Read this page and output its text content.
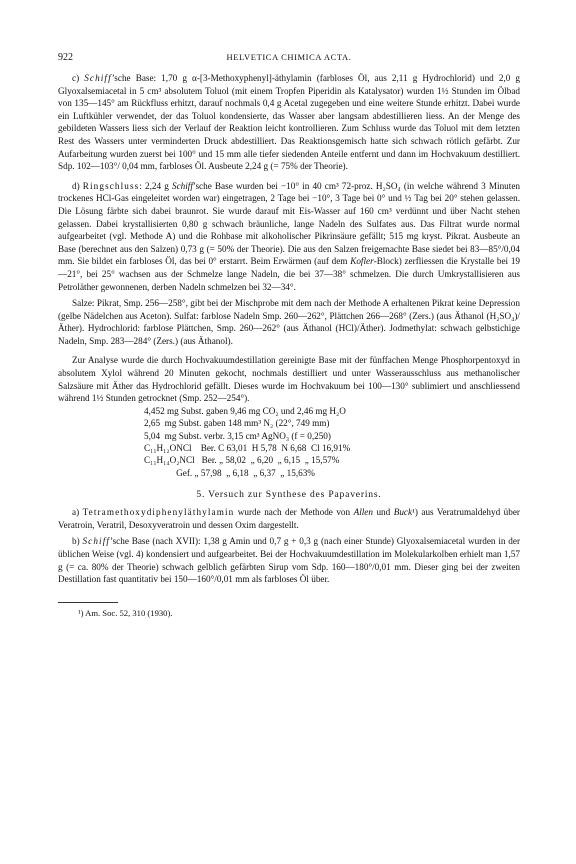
922	HELVETICA CHIMICA ACTA.

c) Schiff’sche Base: 1,70 g α-[3-Methoxyphenyl]-äthylamin (farbloses Öl, aus 2,11 g Hydrochlorid) und 2,0 g Glyoxalsemiacetal in 5 cm³ absolutem Toluol (mit einem Tropfen Piperidin als Katalysator) wurden 1½ Stunden im Ölbad von 135—145° am Rückfluss erhitzt, darauf nochmals 0,4 g Acetal zugegeben und eine weitere Stunde erhitzt. Dabei wurde ein Luftkühler verwendet, der das Toluol kondensierte, das Wasser aber langsam abdestillieren liess. An der Menge des gebildeten Wassers liess sich der Verlauf der Reaktion leicht kontrollieren. Zum Schluss wurde das Toluol mit dem letzten Rest des Wassers unter verminderten Druck abdestilliert. Das Reaktionsgemisch hatte sich schwach rötlich gefärbt. Zur Aufarbeitung wurden zuerst bei 100° und 15 mm alle tiefer siedenden Anteile entfernt und dann im Hochvakuum destilliert. Sdp. 102—103°/ 0,04 mm, farbloses Öl. Ausbeute 2,24 g (= 75% der Theorie).

d) Ringschluss: 2,24 g Schiff’sche Base wurden bei −10° in 40 cm³ 72-proz. H₂SO₄ (in welche während 3 Minuten trockenes HCl-Gas eingeleitet worden war) eingetragen, 2 Tage bei −10°, 3 Tage bei 0° und ½ Tag bei 20° stehen gelassen. Die Lösung färbte sich dabei braunrot. Sie wurde darauf mit Eis-Wasser auf 160 cm³ verdünnt und über Nacht stehen gelassen. Dabei krystallisierten 0,80 g schwach bräunliche, lange Nadeln des Sulfates aus. Das Filtrat wurde normal aufgearbeitet (vgl. Methode A) und die Rohbase mit alkoholischer Pikrinsäure gefällt; 515 mg kryst. Pikrat. Ausbeute an Base (berechnet aus den Salzen) 0,73 g (= 50% der Theorie). Die aus den Salzen freigemachte Base siedet bei 83—85°/0,04 mm. Sie bildet ein farbloses Öl, das bei 0° erstarrt. Beim Erwärmen (auf dem Kofler-Block) zerfliessen die Krystalle bei 19—21°, bei 25° wachsen aus der Schmelze lange Nadeln, die bei 37—38° schmelzen. Die durch Umkrystallisieren aus Petroläther gewonnenen, derben Nadeln schmelzen bei 32—34°.

Salze: Pikrat, Smp. 256—258°, gibt bei der Mischprobe mit dem nach der Methode A erhaltenen Pikrat keine Depression (gelbe Nädelchen aus Aceton). Sulfat: farblose Nadeln Smp. 260—262°, Plättchen 266—268° (Zers.) (aus Äthanol (H₂SO₄)/Äther). Hydrochlorid: farblose Plättchen, Smp. 260—262° (aus Äthanol (HCl)/Äther). Jodmethylat: schwach gelbstichige Nadeln, Smp. 283—284° (Zers.) (aus Äthanol).

Zur Analyse wurde die durch Hochvakuumdestillation gereinigte Base mit der fünffachen Menge Phosphorpentoxyd in absolutem Xylol während 20 Minuten gekocht, nochmals destilliert und unter Wasserausschluss aus methanolischer Salzsäure mit Äther das Hydrochlorid gefällt. Dieses wurde im Hochvakuum bei 100—130° sublimiert und anschliessend während 1½ Stunden getrocknet (Smp. 252—254°).

4,452 mg Subst. gaben 9,46 mg CO₂ und 2,46 mg H₂O
2,65  mg Subst. gaben 148 mm³ N₂ (22°, 749 mm)
5,04  mg Subst. verbr. 3,15 cm³ AgNO₃ (f = 0,250)
C₁₁H₁₂ONCl    Ber. C 63,01  H 5,78  N 6,68  Cl 16,91%
C₁₁H₁₄O₂NCl   Ber. „ 58,02  „ 6,20  „ 6,15  „ 15,57%
Gef. „ 57,98  „ 6,18  „ 6,37  „ 15,63%
5. Versuch zur Synthese des Papaverins.

a) Tetramethoxydiphenyläthylamin wurde nach der Methode von Allen und Buck¹) aus Veratrumaldehyd über Veratroin, Veratril, Desoxyveratroin und dessen Oxim dargestellt.

b) Schiff’sche Base (nach XVII): 1,38 g Amin und 0,7 g + 0,3 g (nach einer Stunde) Glyoxalsemiacetal wurden in der üblichen Weise (vgl. 4) kondensiert und aufgearbeitet. Bei der Hochvakuumdestillation im Molekularkolben erhielt man 1,57 g (= ca. 80% der Theorie) schwach gelblich gefärbten Sirup vom Sdp. 160—180°/0,01 mm. Dieser ging bei der zweiten Destillation fast quantitativ bei 150—160°/0,01 mm als farbloses Öl über.

¹) Am. Soc. 52, 310 (1930).
